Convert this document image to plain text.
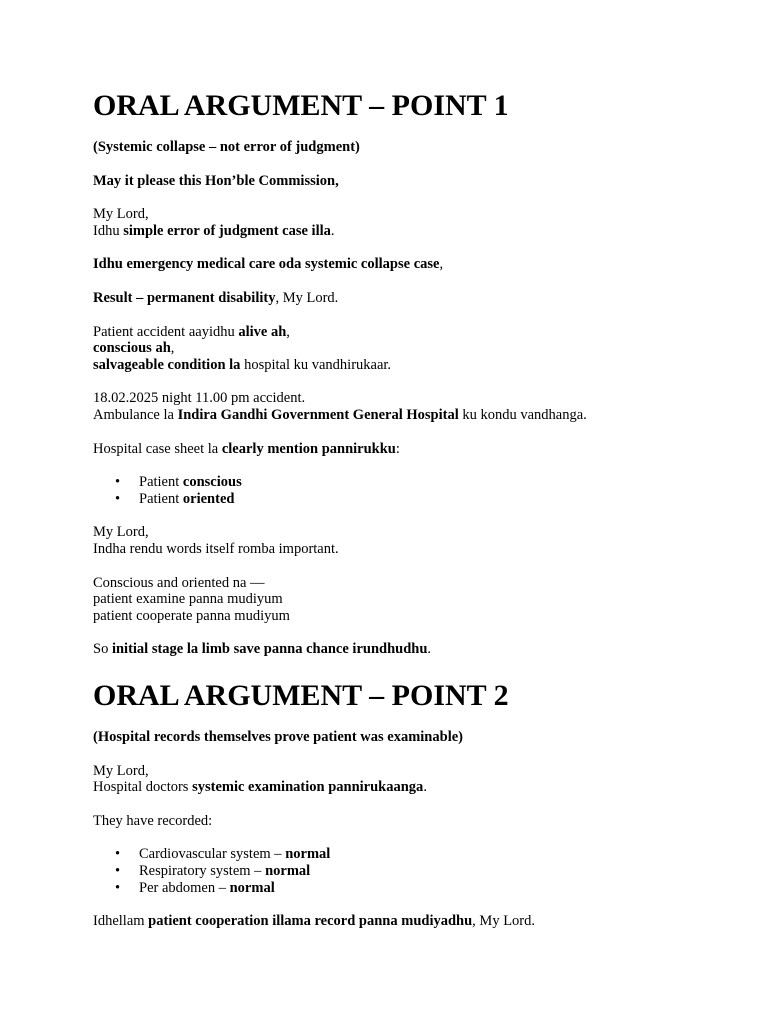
ORAL ARGUMENT – POINT 1

(Systemic collapse – not error of judgment)

May it please this Hon’ble Commission,

My Lord,
Idhu simple error of judgment case illa.

Idhu emergency medical care oda systemic collapse case,

Result – permanent disability, My Lord.

Patient accident aayidhu alive ah,
conscious ah,
salvageable condition la hospital ku vandhirukaar.

18.02.2025 night 11.00 pm accident.
Ambulance la Indira Gandhi Government General Hospital ku kondu vandhanga.

Hospital case sheet la clearly mention pannirukku:

• Patient conscious
• Patient oriented

My Lord,
Indha rendu words itself romba important.

Conscious and oriented na —
patient examine panna mudiyum
patient cooperate panna mudiyum

So initial stage la limb save panna chance irundhudhu.

ORAL ARGUMENT – POINT 2

(Hospital records themselves prove patient was examinable)

My Lord,
Hospital doctors systemic examination pannirukaanga.

They have recorded:

• Cardiovascular system – normal
• Respiratory system – normal
• Per abdomen – normal

Idhellam patient cooperation illama record panna mudiyadhu, My Lord.
